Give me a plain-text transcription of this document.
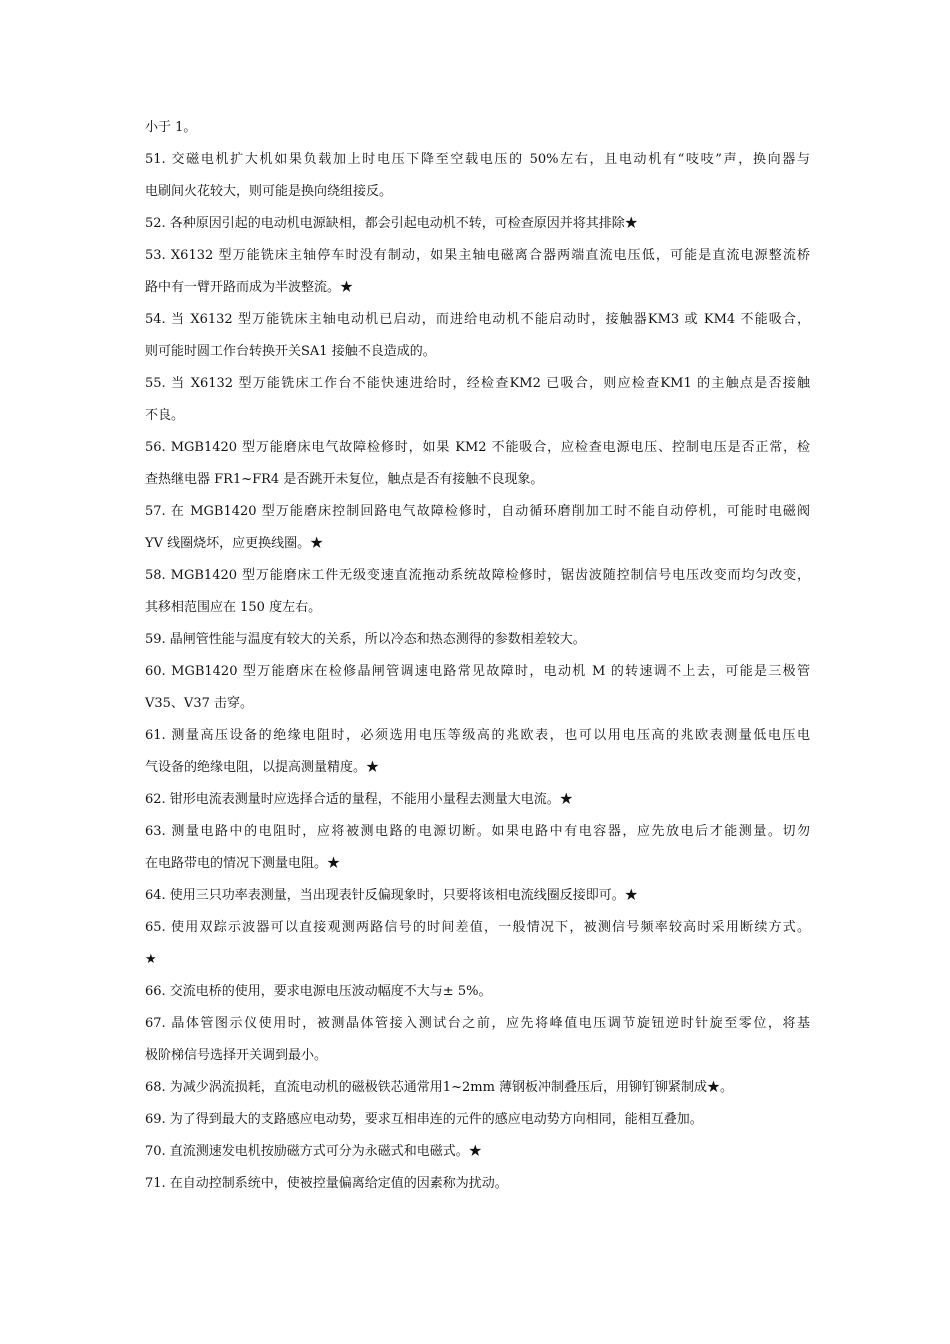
小于 1。
51. 交磁电机扩大机如果负载加上时电压下降至空载电压的 50%左右，且电动机有“吱吱”声，换向器与
电刷间火花较大，则可能是换向绕组接反。
52. 各种原因引起的电动机电源缺相，都会引起电动机不转，可检查原因并将其排除★
53. X6132 型万能铣床主轴停车时没有制动，如果主轴电磁离合器两端直流电压低，可能是直流电源整流桥
路中有一臂开路而成为半波整流。★
54. 当 X6132 型万能铣床主轴电动机已启动，而进给电动机不能启动时，接触器KM3 或 KM4 不能吸合，
则可能时圆工作台转换开关SA1 接触不良造成的。
55. 当 X6132 型万能铣床工作台不能快速进给时，经检查KM2 已吸合，则应检查KM1 的主触点是否接触
不良。
56. MGB1420 型万能磨床电气故障检修时，如果 KM2 不能吸合，应检查电源电压、控制电压是否正常，检
查热继电器 FR1~FR4 是否跳开未复位，触点是否有接触不良现象。
57. 在 MGB1420 型万能磨床控制回路电气故障检修时，自动循环磨削加工时不能自动停机，可能时电磁阀
YV 线圈烧坏，应更换线圈。★
58. MGB1420 型万能磨床工件无级变速直流拖动系统故障检修时，锯齿波随控制信号电压改变而均匀改变，
其移相范围应在 150 度左右。
59. 晶闸管性能与温度有较大的关系，所以冷态和热态测得的参数相差较大。
60. MGB1420 型万能磨床在检修晶闸管调速电路常见故障时，电动机 M 的转速调不上去，可能是三极管
V35、V37 击穿。
61. 测量高压设备的绝缘电阻时，必须选用电压等级高的兆欧表，也可以用电压高的兆欧表测量低电压电
气设备的绝缘电阻，以提高测量精度。★
62. 钳形电流表测量时应选择合适的量程，不能用小量程去测量大电流。★
63. 测量电路中的电阻时，应将被测电路的电源切断。如果电路中有电容器，应先放电后才能测量。切勿
在电路带电的情况下测量电阻。★
64. 使用三只功率表测量，当出现表针反偏现象时，只要将该相电流线圈反接即可。★
65. 使用双踪示波器可以直接观测两路信号的时间差值，一般情况下，被测信号频率较高时采用断续方式。
★
66. 交流电桥的使用，要求电源电压波动幅度不大与± 5%。
67. 晶体管图示仪使用时，被测晶体管接入测试台之前，应先将峰值电压调节旋钮逆时针旋至零位，将基
极阶梯信号选择开关调到最小。
68. 为减少涡流损耗，直流电动机的磁极铁芯通常用1~2mm 薄钢板冲制叠压后，用铆钉铆紧制成★。
69. 为了得到最大的支路感应电动势，要求互相串连的元件的感应电动势方向相同，能相互叠加。
70. 直流测速发电机按励磁方式可分为永磁式和电磁式。★
71. 在自动控制系统中，使被控量偏离给定值的因素称为扰动。
